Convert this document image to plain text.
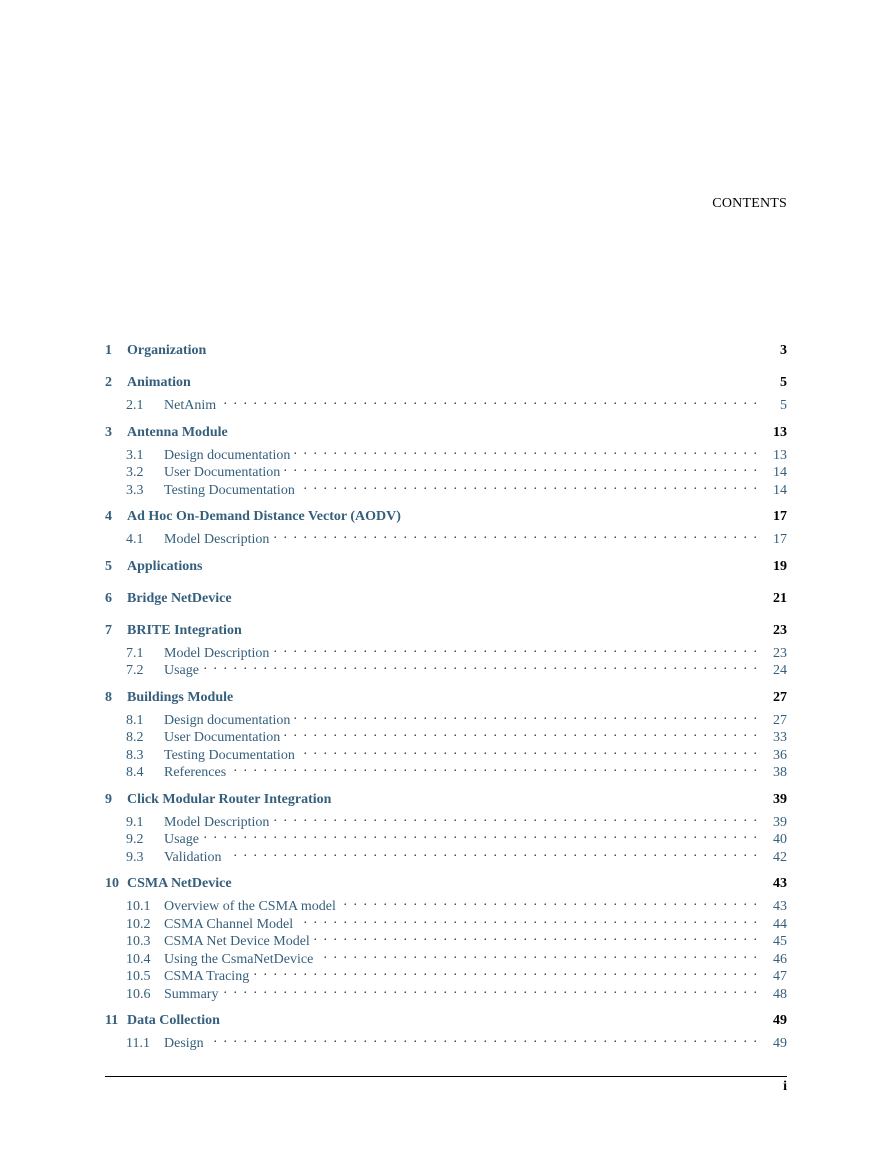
CONTENTS
1	Organization	3
2	Animation	5
2.1	NetAnim . . .	5
3	Antenna Module	13
3.1	Design documentation . . .	13
3.2	User Documentation . . .	14
3.3	Testing Documentation . . .	14
4	Ad Hoc On-Demand Distance Vector (AODV)	17
4.1	Model Description . . .	17
5	Applications	19
6	Bridge NetDevice	21
7	BRITE Integration	23
7.1	Model Description . . .	23
7.2	Usage . . .	24
8	Buildings Module	27
8.1	Design documentation . . .	27
8.2	User Documentation . . .	33
8.3	Testing Documentation . . .	36
8.4	References . . .	38
9	Click Modular Router Integration	39
9.1	Model Description . . .	39
9.2	Usage . . .	40
9.3	Validation . . .	42
10 CSMA NetDevice	43
10.1 Overview of the CSMA model . . .	43
10.2 CSMA Channel Model . . .	44
10.3 CSMA Net Device Model . . .	45
10.4 Using the CsmaNetDevice . . .	46
10.5 CSMA Tracing . . .	47
10.6 Summary . . .	48
11 Data Collection	49
11.1	Design . . .	49
i
